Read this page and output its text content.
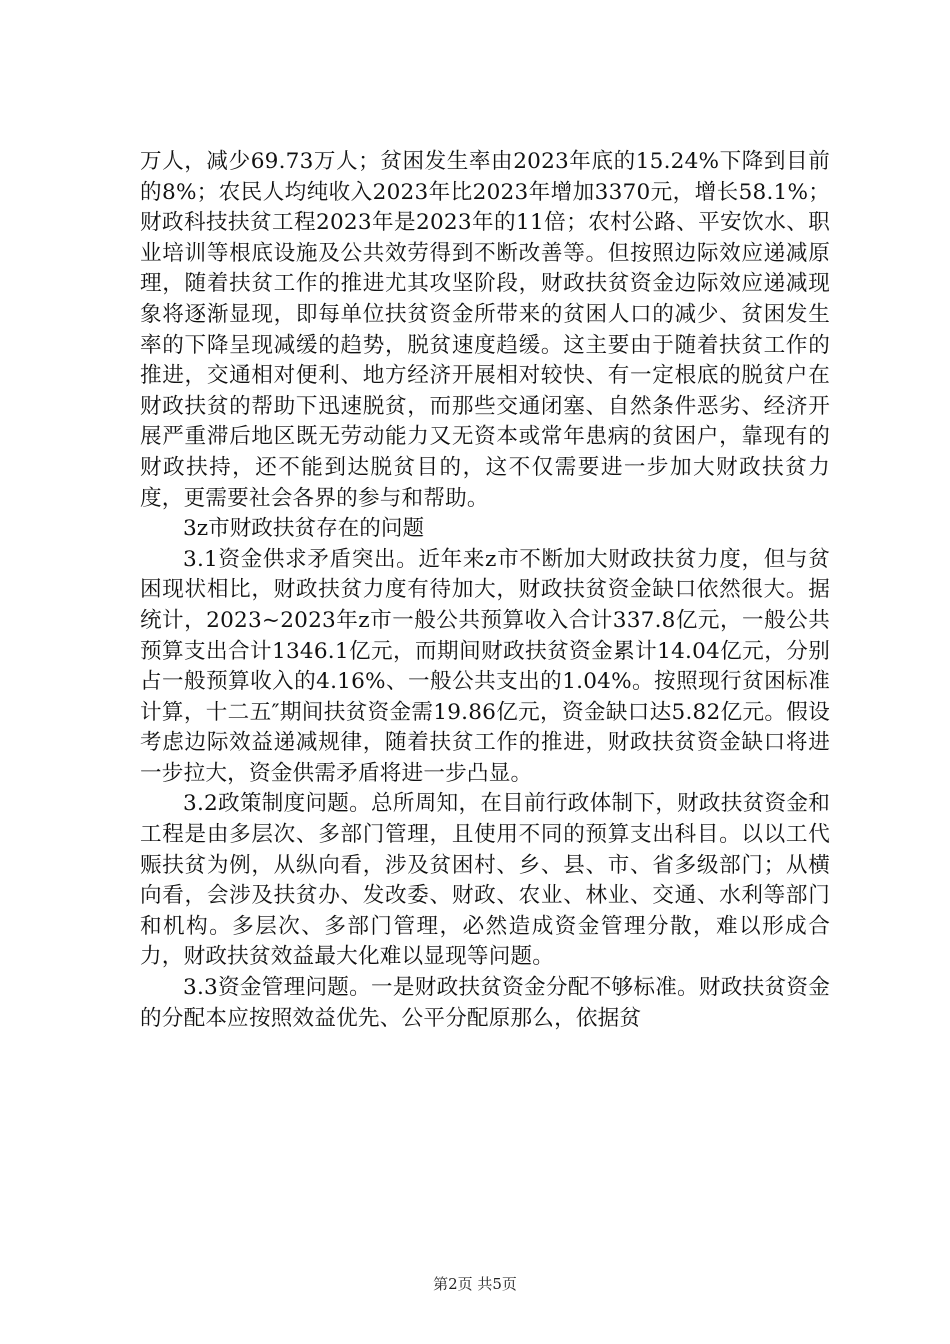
万人，减少69.73万人；贫困发生率由2023年底的15.24%下降到目前的8%；农民人均纯收入2023年比2023年增加3370元，增长58.1%；财政科技扶贫工程2023年是2023年的11倍；农村公路、平安饮水、职业培训等根底设施及公共效劳得到不断改善等。但按照边际效应递减原理，随着扶贫工作的推进尤其攻坚阶段，财政扶贫资金边际效应递减现象将逐渐显现，即每单位扶贫资金所带来的贫困人口的减少、贫困发生率的下降呈现减缓的趋势，脱贫速度趋缓。这主要由于随着扶贫工作的推进，交通相对便利、地方经济开展相对较快、有一定根底的脱贫户在财政扶贫的帮助下迅速脱贫，而那些交通闭塞、自然条件恶劣、经济开展严重滞后地区既无劳动能力又无资本或常年患病的贫困户，靠现有的财政扶持，还不能到达脱贫目的，这不仅需要进一步加大财政扶贫力度，更需要社会各界的参与和帮助。

3z市财政扶贫存在的问题

3.1资金供求矛盾突出。近年来z市不断加大财政扶贫力度，但与贫困现状相比，财政扶贫力度有待加大，财政扶贫资金缺口依然很大。据统计，2023~2023年z市一般公共预算收入合计337.8亿元，一般公共预算支出合计1346.1亿元，而期间财政扶贫资金累计14.04亿元，分别占一般预算收入的4.16%、一般公共支出的1.04%。按照现行贫困标准计算，十二五″期间扶贫资金需19.86亿元，资金缺口达5.82亿元。假设考虑边际效益递减规律，随着扶贫工作的推进，财政扶贫资金缺口将进一步拉大，资金供需矛盾将进一步凸显。

3.2政策制度问题。总所周知，在目前行政体制下，财政扶贫资金和工程是由多层次、多部门管理，且使用不同的预算支出科目。以以工代赈扶贫为例，从纵向看，涉及贫困村、乡、县、市、省多级部门；从横向看，会涉及扶贫办、发改委、财政、农业、林业、交通、水利等部门和机构。多层次、多部门管理，必然造成资金管理分散，难以形成合力，财政扶贫效益最大化难以显现等问题。

3.3资金管理问题。一是财政扶贫资金分配不够标准。财政扶贫资金的分配本应按照效益优先、公平分配原那么，依据贫

第2页 共5页
